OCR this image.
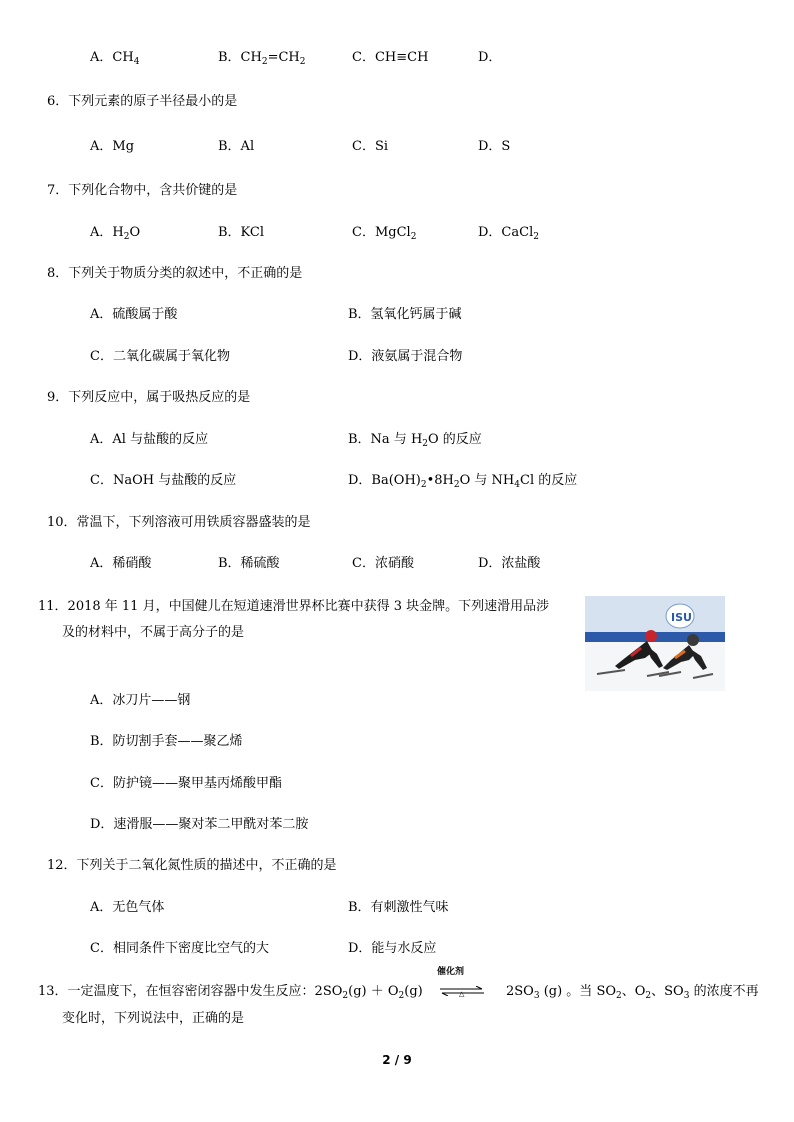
A．$CH_4$	B．$CH_2=CH_2$	C．CH≡CH	D．
6．下列元素的原子半径最小的是
A．Mg	B．Al	C．Si	D．S
7．下列化合物中，含共价键的是
A．$H_2O$	B．KCl	C．MgCl$_2$	D．CaCl$_2$
8．下列关于物质分类的叙述中，不正确的是
A．硫酸属于酸	B．氢氧化钙属于碱
C．二氧化碳属于氧化物	D．液氨属于混合物
9．下列反应中，属于吸热反应的是
A．Al 与盐酸的反应	B．Na 与 $H_2O$ 的反应
C．NaOH 与盐酸的反应	D．$Ba(OH)_2•8H_2O$ 与 $NH_4Cl$ 的反应
10．常温下，下列溶液可用铁质容器盛装的是
A．稀硝酸	B．稀硫酸	C．浓硝酸	D．浓盐酸
11．2018 年 11 月，中国健儿在短道速滑世界杯比赛中获得 3 块金牌。下列速滑用品涉
及的材料中，不属于高分子的是
A．冰刀片——钢
B．防切割手套——聚乙烯
C．防护镜——聚甲基丙烯酸甲酯
D．速滑服——聚对苯二甲酰对苯二胺
ISU
12．下列关于二氧化氮性质的描述中，不正确的是
A．无色气体	B．有刺激性气味
C．相同条件下密度比空气的大	D．能与水反应
催化剂
△
13．一定温度下，在恒容密闭容器中发生反应：$2SO_2(g) + O_2(g)$	$2SO_3$ (g) 。当 $SO_2$、$O_2$、$SO_3$ 的浓度不再
变化时，下列说法中，正确的是
2 / 9
